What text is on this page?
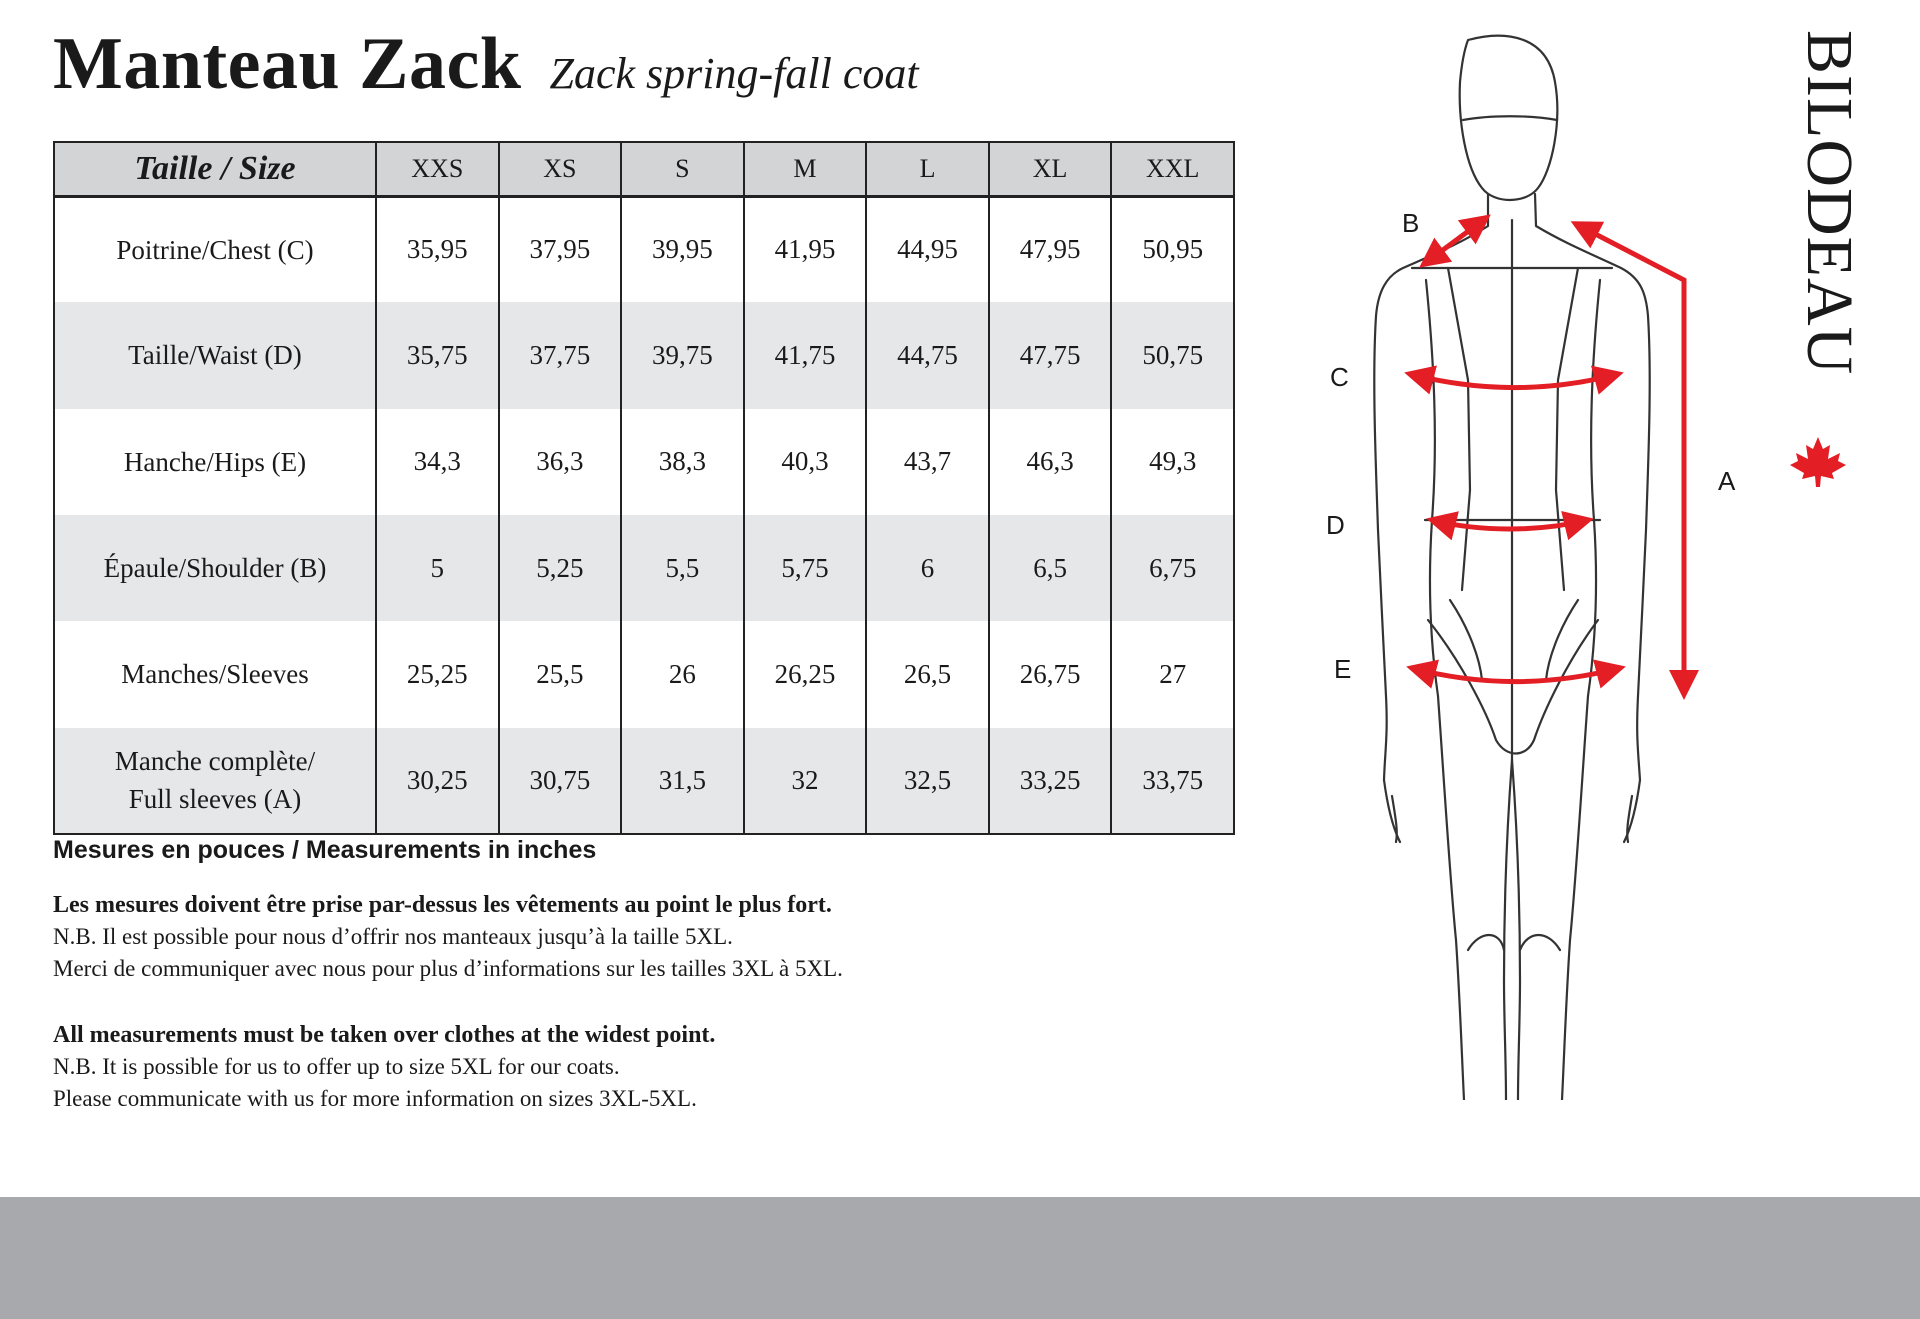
Manteau Zack Zack spring-fall coat
Taille / Size	XXS	XS	S	M	L	XL	XXL

Poitrine/Chest (C)	35,95	37,95	39,95	41,95	44,95	47,95	50,95

Taille/Waist (D)	35,75	37,75	39,75	41,75	44,75	47,75	50,75

Hanche/Hips (E)	34,3	36,3	38,3	40,3	43,7	46,3	49,3

Épaule/Shoulder (B)	5	5,25	5,5	5,75	6	6,5	6,75

Manches/Sleeves	25,25	25,5	26	26,25	26,5	26,75	27

Manche complète/
Full sleeves (A)	30,25	30,75	31,5	32	32,5	33,25	33,75
Mesures en pouces / Measurements in inches
Les mesures doivent être prise par-dessus les vêtements au point le plus fort.
N.B. Il est possible pour nous d’offrir nos manteaux jusqu’à la taille 5XL.
Merci de communiquer avec nous pour plus d’informations sur les tailles 3XL à 5XL.
All measurements must be taken over clothes at the widest point.
N.B. It is possible for us to offer up to size 5XL for our coats.
Please communicate with us for more information on sizes 3XL-5XL.
B
C
D
E
A
BILODEAU
